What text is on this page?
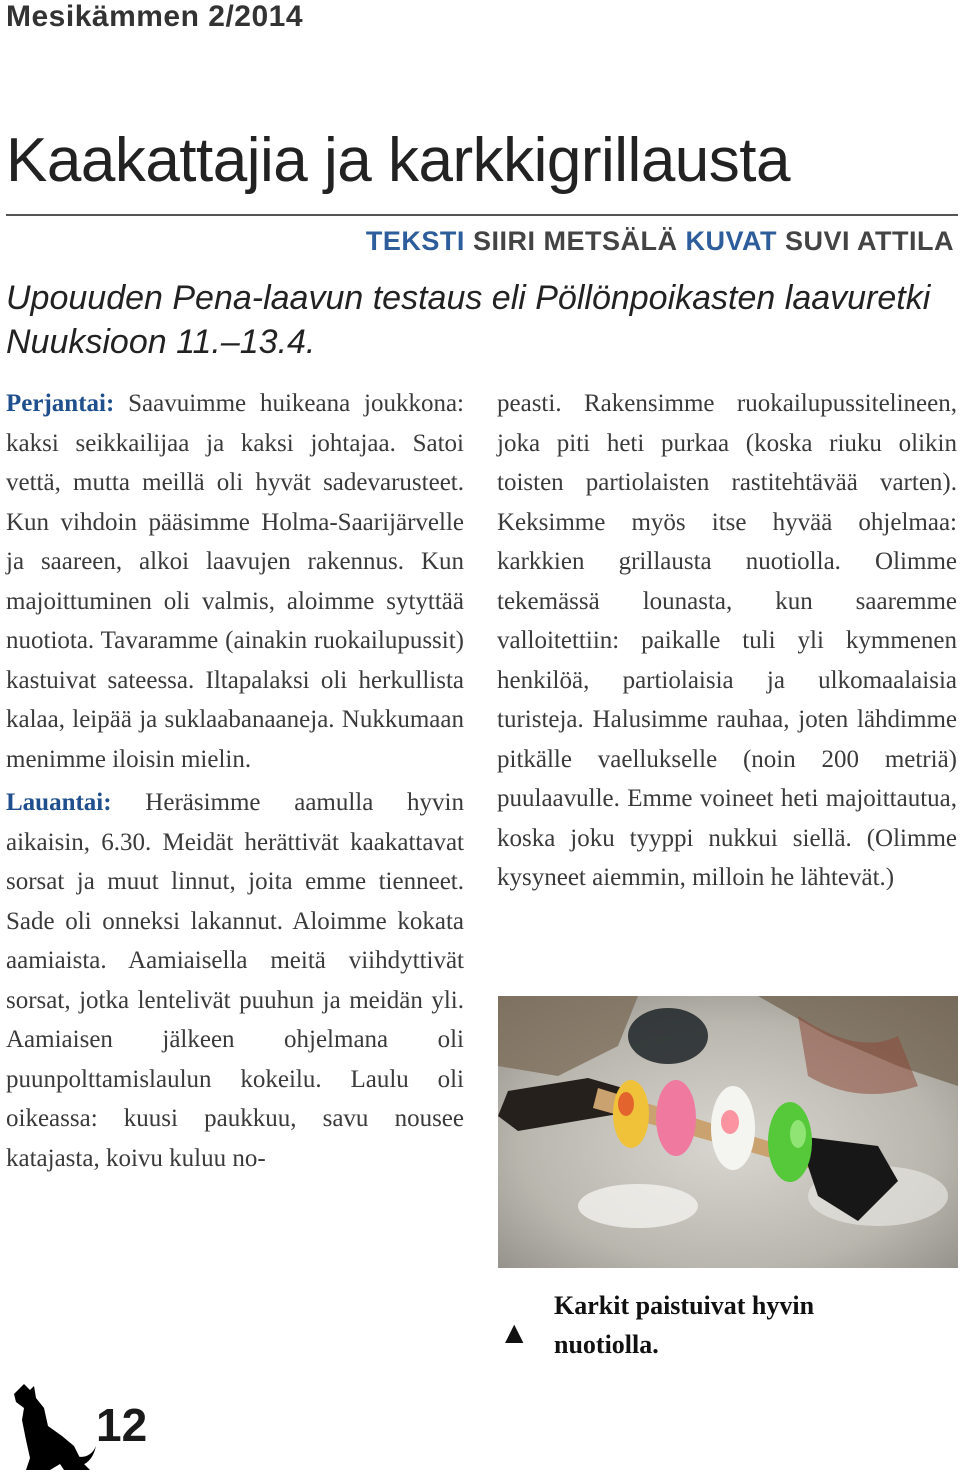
Mesikämmen 2/2014
Kaakattajia ja karkkigrillausta
TEKSTI SIIRI METSÄLÄ KUVAT SUVI ATTILA
Upouuden Pena-laavun testaus eli Pöllönpoikasten laavuretki Nuuksioon 11.–13.4.

Perjantai: Saavuimme huikeana joukkona: kaksi seikkailijaa ja kaksi johtajaa. Satoi vettä, mutta meillä oli hyvät sadevarusteet. Kun vihdoin pääsimme Holma-Saarijärvelle ja saareen, alkoi laavujen rakennus. Kun majoittuminen oli valmis, aloimme sytyttää nuotiota. Tavaramme (ainakin ruokailupussit) kastuivat sateessa. Iltapalaksi oli herkullista kalaa, leipää ja suklaabanaaneja. Nukkumaan menimme iloisin mielin.

Lauantai: Heräsimme aamulla hyvin aikaisin, 6.30. Meidät herättivät kaakattavat sorsat ja muut linnut, joita emme tienneet. Sade oli onneksi lakannut. Aloimme kokata aamiaista. Aamiaisella meitä viihdyttivät sorsat, jotka lentelivät puuhun ja meidän yli. Aamiaisen jälkeen ohjelmana oli puunpolttamislaulun kokeilu. Laulu oli oikeassa: kuusi paukkuu, savu nousee katajasta, koivu kuluu no-

peasti. Rakensimme ruokailupussitelineen, joka piti heti purkaa (koska riuku olikin toisten partiolaisten rastitehtävää varten). Keksimme myös itse hyvää ohjelmaa: karkkien grillausta nuotiolla. Olimme tekemässä lounasta, kun saaremme valloitettiin: paikalle tuli yli kymmenen henkilöä, partiolaisia ja ulkomaalaisia turisteja. Halusimme rauhaa, joten lähdimme pitkälle vaellukselle (noin 200 metriä) puulaavulle. Emme voineet heti majoittautua, koska joku tyyppi nukkui siellä. (Olimme kysyneet aiemmin, milloin he lähtevät.)

▲
Karkit paistuivat hyvin nuotiolla.
12
